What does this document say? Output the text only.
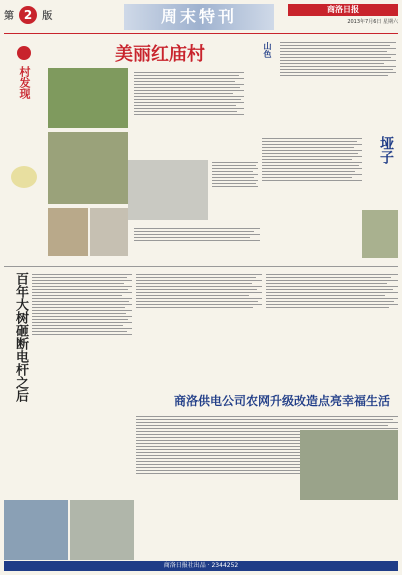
第 2 版	周末特刊	商洛日报
2013年7月6日 星期六
村发现
美丽红庙村	山色
垭子
百年大树砸断电杆之后	商洛供电公司农网升级改造点亮幸福生活
商洛日报社出品 · 2344252
